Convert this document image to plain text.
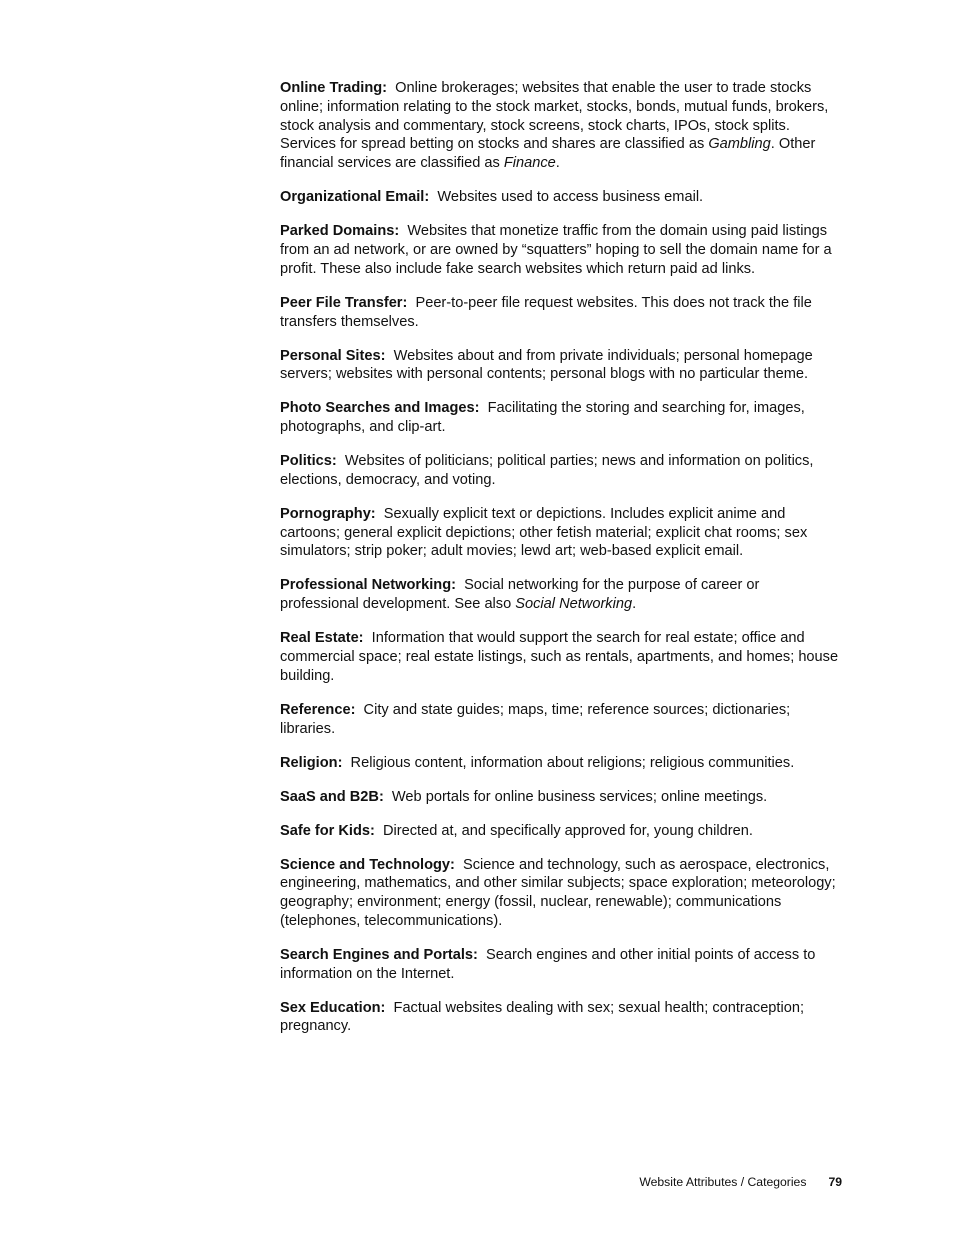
Online Trading: Online brokerages; websites that enable the user to trade stocks online; information relating to the stock market, stocks, bonds, mutual funds, brokers, stock analysis and commentary, stock screens, stock charts, IPOs, stock splits. Services for spread betting on stocks and shares are classified as Gambling. Other financial services are classified as Finance.

Organizational Email: Websites used to access business email.

Parked Domains: Websites that monetize traffic from the domain using paid listings from an ad network, or are owned by “squatters” hoping to sell the domain name for a profit. These also include fake search websites which return paid ad links.

Peer File Transfer: Peer-to-peer file request websites. This does not track the file transfers themselves.

Personal Sites: Websites about and from private individuals; personal homepage servers; websites with personal contents; personal blogs with no particular theme.

Photo Searches and Images: Facilitating the storing and searching for, images, photographs, and clip-art.

Politics: Websites of politicians; political parties; news and information on politics, elections, democracy, and voting.

Pornography: Sexually explicit text or depictions. Includes explicit anime and cartoons; general explicit depictions; other fetish material; explicit chat rooms; sex simulators; strip poker; adult movies; lewd art; web-based explicit email.

Professional Networking: Social networking for the purpose of career or professional development. See also Social Networking.

Real Estate: Information that would support the search for real estate; office and commercial space; real estate listings, such as rentals, apartments, and homes; house building.

Reference: City and state guides; maps, time; reference sources; dictionaries; libraries.

Religion: Religious content, information about religions; religious communities.

SaaS and B2B: Web portals for online business services; online meetings.

Safe for Kids: Directed at, and specifically approved for, young children.

Science and Technology: Science and technology, such as aerospace, electronics, engineering, mathematics, and other similar subjects; space exploration; meteorology; geography; environment; energy (fossil, nuclear, renewable); communications (telephones, telecommunications).

Search Engines and Portals: Search engines and other initial points of access to information on the Internet.

Sex Education: Factual websites dealing with sex; sexual health; contraception; pregnancy.

Website Attributes / Categories 79
